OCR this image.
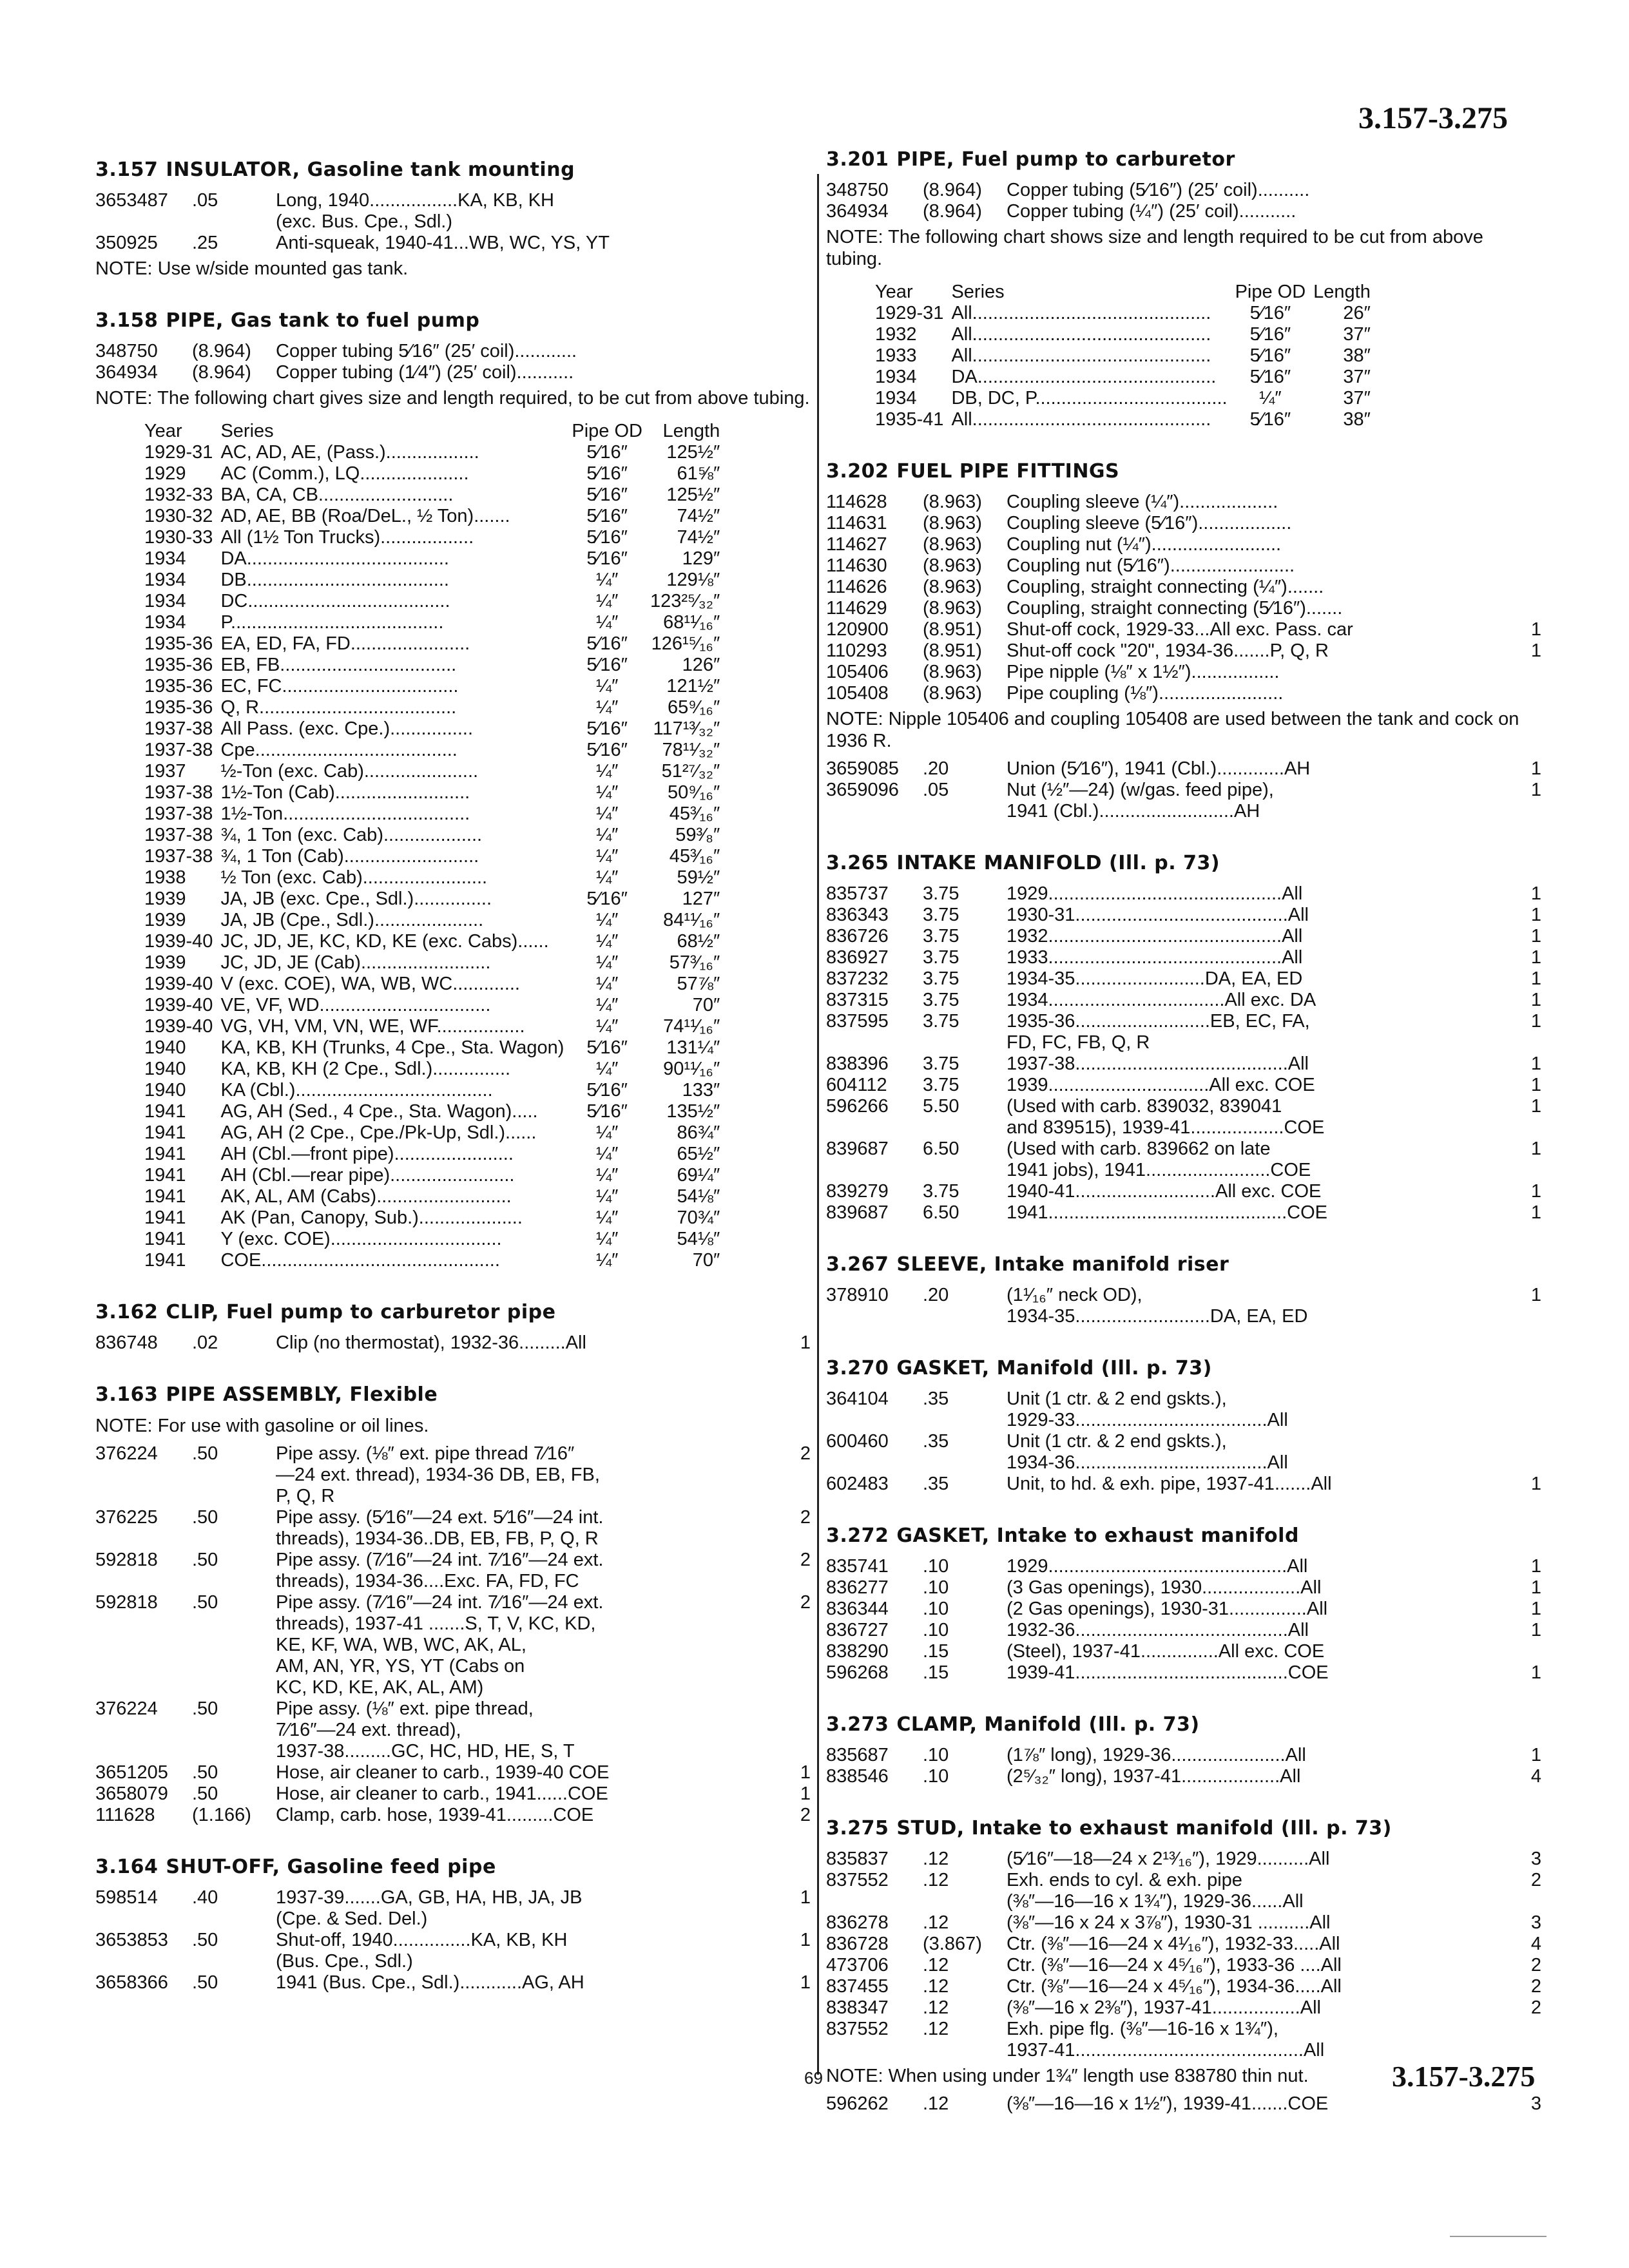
3.157-3.275
3.157 INSULATOR, Gasoline tank mounting
3653487	.05	Long, 1940.................KA, KB, KH
(exc. Bus. Cpe., Sdl.)
350925	.25	Anti-squeak, 1940-41...WB, WC, YS, YT
NOTE: Use w/side mounted gas tank.
3.158 PIPE, Gas tank to fuel pump
348750	(8.964)	Copper tubing 5⁄16″ (25′ coil)............
364934	(8.964)	Copper tubing (1⁄4″) (25′ coil)...........
NOTE: The following chart gives size and length required, to be cut from above tubing.
Year	Series	Pipe OD	Length
1929-31	AC, AD, AE, (Pass.)..................	5⁄16″	125½″
1929	AC (Comm.), LQ.....................	5⁄16″	61⅝″
1932-33	BA, CA, CB..........................	5⁄16″	125½″
1930-32	AD, AE, BB (Roa/DeL., ½ Ton).......	5⁄16″	74½″
1930-33	All (1½ Ton Trucks)..................	5⁄16″	74½″
1934	DA.......................................	5⁄16″	129″
1934	DB.......................................	¼″	129⅛″
1934	DC.......................................	¼″	123²⁵⁄₃₂″
1934	P.........................................	¼″	68¹¹⁄₁₆″
1935-36	EA, ED, FA, FD.......................	5⁄16″	126¹⁵⁄₁₆″
1935-36	EB, FB..................................	5⁄16″	126″
1935-36	EC, FC..................................	¼″	121½″
1935-36	Q, R......................................	¼″	65⁹⁄₁₆″
1937-38	All Pass. (exc. Cpe.)................	5⁄16″	117¹³⁄₃₂″
1937-38	Cpe.......................................	5⁄16″	78¹¹⁄₃₂″
1937	½-Ton (exc. Cab)......................	¼″	51²⁷⁄₃₂″
1937-38	1½-Ton (Cab)..........................	¼″	50⁹⁄₁₆″
1937-38	1½-Ton....................................	¼″	45³⁄₁₆″
1937-38	¾, 1 Ton (exc. Cab)...................	¼″	59³⁄₈″
1937-38	¾, 1 Ton (Cab)..........................	¼″	45³⁄₁₆″
1938	½ Ton (exc. Cab)........................	¼″	59½″
1939	JA, JB (exc. Cpe., Sdl.)...............	5⁄16″	127″
1939	JA, JB (Cpe., Sdl.).....................	¼″	84¹¹⁄₁₆″
1939-40	JC, JD, JE, KC, KD, KE (exc. Cabs)......	¼″	68½″
1939	JC, JD, JE (Cab).........................	¼″	57³⁄₁₆″
1939-40	V (exc. COE), WA, WB, WC.............	¼″	57⅞″
1939-40	VE, VF, WD.................................	¼″	70″
1939-40	VG, VH, VM, VN, WE, WF.................	¼″	74¹¹⁄₁₆″
1940	KA, KB, KH (Trunks, 4 Cpe., Sta. Wagon)	5⁄16″	131¼″
1940	KA, KB, KH (2 Cpe., Sdl.)...............	¼″	90¹¹⁄₁₆″
1940	KA (Cbl.)......................................	5⁄16″	133″
1941	AG, AH (Sed., 4 Cpe., Sta. Wagon).....	5⁄16″	135½″
1941	AG, AH (2 Cpe., Cpe./Pk-Up, Sdl.)......	¼″	86¾″
1941	AH (Cbl.—front pipe).......................	¼″	65½″
1941	AH (Cbl.—rear pipe)........................	¼″	69¼″
1941	AK, AL, AM (Cabs)..........................	¼″	54⅛″
1941	AK (Pan, Canopy, Sub.)....................	¼″	70¾″
1941	Y (exc. COE).................................	¼″	54⅛″
1941	COE..............................................	¼″	70″
3.162 CLIP, Fuel pump to carburetor pipe
836748	.02	Clip (no thermostat), 1932-36.........All	1
3.163 PIPE ASSEMBLY, Flexible
NOTE: For use with gasoline or oil lines.
376224	.50	Pipe assy. (⅛″ ext. pipe thread 7⁄16″
—24 ext. thread), 1934-36 DB, EB, FB,
P, Q, R
2
376225	.50	Pipe assy. (5⁄16″—24 ext. 5⁄16″—24 int.
threads), 1934-36..DB, EB, FB, P, Q, R
2
592818	.50	Pipe assy. (7⁄16″—24 int. 7⁄16″—24 ext.
threads), 1934-36....Exc. FA, FD, FC
2
592818	.50	Pipe assy. (7⁄16″—24 int. 7⁄16″—24 ext.
threads), 1937-41 .......S, T, V, KC, KD,
KE, KF, WA, WB, WC, AK, AL,
AM, AN, YR, YS, YT (Cabs on
KC, KD, KE, AK, AL, AM)
2
376224	.50	Pipe assy. (⅛″ ext. pipe thread,
7⁄16″—24 ext. thread),
1937-38.........GC, HC, HD, HE, S, T
3651205	.50	Hose, air cleaner to carb., 1939-40 COE	1
3658079	.50	Hose, air cleaner to carb., 1941......COE	1
111628	(1.166)	Clamp, carb. hose, 1939-41.........COE	2
3.164 SHUT-OFF, Gasoline feed pipe
598514	.40	1937-39.......GA, GB, HA, HB, JA, JB
(Cpe. & Sed. Del.)
1
3653853	.50	Shut-off, 1940...............KA, KB, KH
(Bus. Cpe., Sdl.)
1
3658366	.50	1941 (Bus. Cpe., Sdl.)............AG, AH	1
3.201 PIPE, Fuel pump to carburetor
348750	(8.964)	Copper tubing (5⁄16″) (25′ coil)..........
364934	(8.964)	Copper tubing (¼″) (25′ coil)...........
NOTE: The following chart shows size and length required to be cut from above tubing.
Year	Series	Pipe OD	Length
1929-31	All..............................................	5⁄16″	26″
1932	All..............................................	5⁄16″	37″
1933	All..............................................	5⁄16″	38″
1934	DA..............................................	5⁄16″	37″
1934	DB, DC, P.....................................	¼″	37″
1935-41	All..............................................	5⁄16″	38″
3.202 FUEL PIPE FITTINGS
114628	(8.963)	Coupling sleeve (¼″)...................
114631	(8.963)	Coupling sleeve (5⁄16″)..................
114627	(8.963)	Coupling nut (¼″).........................
114630	(8.963)	Coupling nut (5⁄16″)........................
114626	(8.963)	Coupling, straight connecting (¼″).......
114629	(8.963)	Coupling, straight connecting (5⁄16″).......
120900	(8.951)	Shut-off cock, 1929-33...All exc. Pass. car	1
110293	(8.951)	Shut-off cock "20", 1934-36.......P, Q, R	1
105406	(8.963)	Pipe nipple (⅛″ x 1½″).................
105408	(8.963)	Pipe coupling (⅛″)........................
NOTE: Nipple 105406 and coupling 105408 are used between the tank and cock on 1936 R.
3659085	.20	Union (5⁄16″), 1941 (Cbl.).............AH	1
3659096	.05	Nut (½″—24) (w/gas. feed pipe),
1941 (Cbl.)..........................AH
1
3.265 INTAKE MANIFOLD (Ill. p. 73)
835737	3.75	1929.............................................All	1
836343	3.75	1930-31.........................................All	1
836726	3.75	1932.............................................All	1
836927	3.75	1933.............................................All	1
837232	3.75	1934-35.........................DA, EA, ED	1
837315	3.75	1934..................................All exc. DA	1
837595	3.75	1935-36..........................EB, EC, FA,
FD, FC, FB, Q, R
1
838396	3.75	1937-38.........................................All	1
604112	3.75	1939...............................All exc. COE	1
596266	5.50	(Used with carb. 839032, 839041
and 839515), 1939-41..................COE
1
839687	6.50	(Used with carb. 839662 on late
1941 jobs), 1941........................COE
1
839279	3.75	1940-41...........................All exc. COE	1
839687	6.50	1941..............................................COE	1
3.267 SLEEVE, Intake manifold riser
378910	.20	(1¹⁄₁₆″ neck OD),
1934-35..........................DA, EA, ED
1
3.270 GASKET, Manifold (Ill. p. 73)
364104	.35	Unit (1 ctr. & 2 end gskts.),
1929-33.....................................All
600460	.35	Unit (1 ctr. & 2 end gskts.),
1934-36.....................................All
602483	.35	Unit, to hd. & exh. pipe, 1937-41.......All	1
3.272 GASKET, Intake to exhaust manifold
835741	.10	1929..............................................All	1
836277	.10	(3 Gas openings), 1930...................All	1
836344	.10	(2 Gas openings), 1930-31...............All	1
836727	.10	1932-36.........................................All	1
838290	.15	(Steel), 1937-41...............All exc. COE
596268	.15	1939-41.........................................COE	1
3.273 CLAMP, Manifold (Ill. p. 73)
835687	.10	(1⅞″ long), 1929-36......................All	1
838546	.10	(2⁵⁄₃₂″ long), 1937-41...................All	4
3.275 STUD, Intake to exhaust manifold (Ill. p. 73)
835837	.12	(5⁄16″—18—24 x 2¹³⁄₁₆″), 1929..........All	3
837552	.12	Exh. ends to cyl. & exh. pipe
(⅜″—16—16 x 1¾″), 1929-36......All
2
836278	.12	(⅜″—16 x 24 x 3⅞″), 1930-31 ..........All	3
836728	(3.867)	Ctr. (⅜″—16—24 x 4¹⁄₁₆″), 1932-33.....All	4
473706	.12	Ctr. (⅜″—16—24 x 4⁵⁄₁₆″), 1933-36 ....All	2
837455	.12	Ctr. (⅜″—16—24 x 4⁵⁄₁₆″), 1934-36.....All	2
838347	.12	(⅜″—16 x 2⅜″), 1937-41.................All	2
837552	.12	Exh. pipe flg. (⅜″—16-16 x 1¾″),
1937-41............................................All
NOTE: When using under 1¾″ length use 838780 thin nut.
596262	.12	(⅜″—16—16 x 1½″), 1939-41.......COE	3
69	3.157-3.275
